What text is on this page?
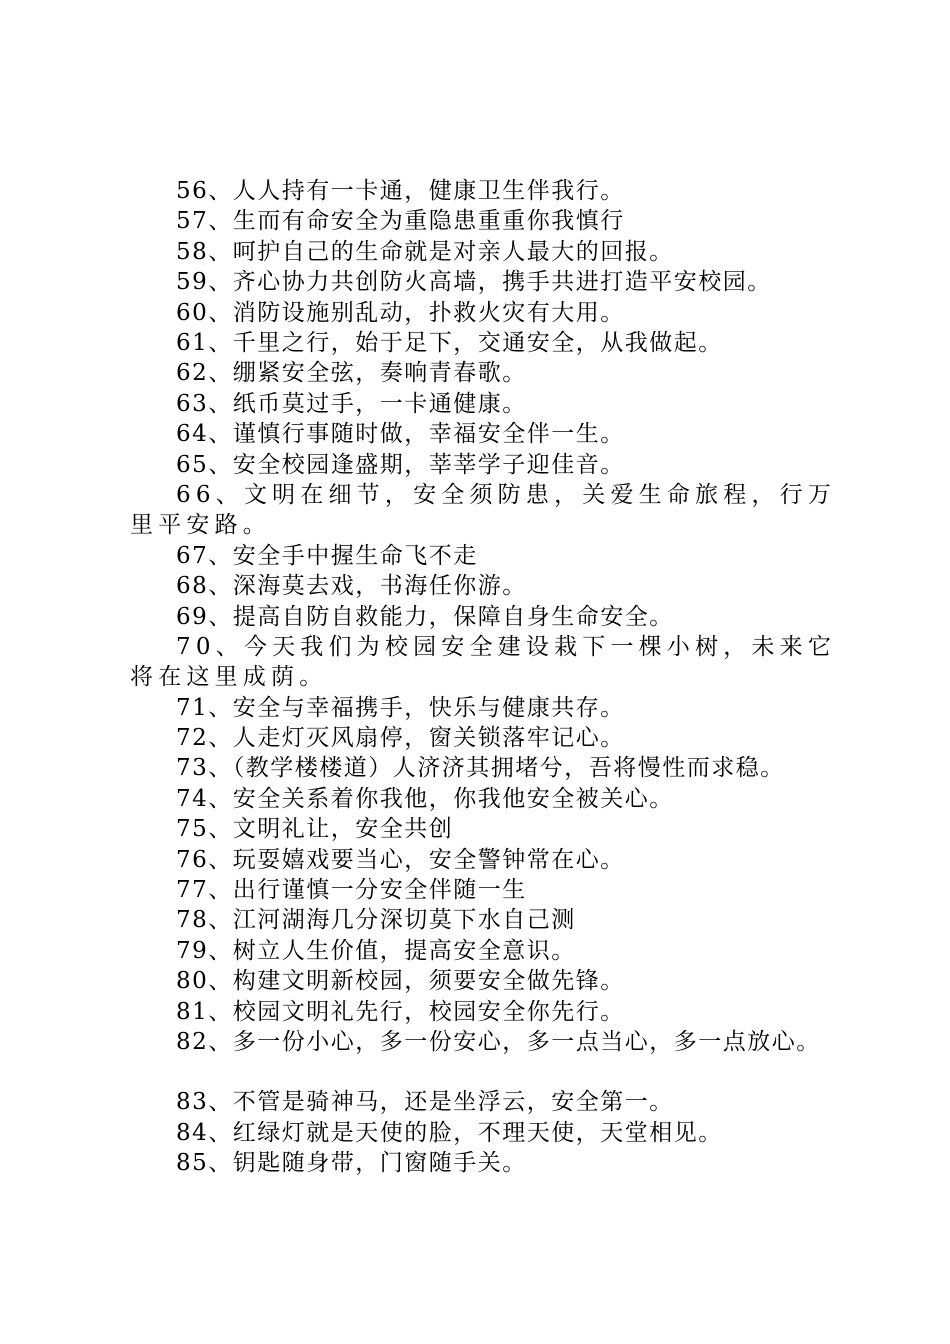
56、人人持有一卡通，健康卫生伴我行。
57、生而有命安全为重隐患重重你我慎行
58、呵护自己的生命就是对亲人最大的回报。
59、齐心协力共创防火高墙，携手共进打造平安校园。
60、消防设施别乱动，扑救火灾有大用。
61、千里之行，始于足下，交通安全，从我做起。
62、绷紧安全弦，奏响青春歌。
63、纸币莫过手，一卡通健康。
64、谨慎行事随时做，幸福安全伴一生。
65、安全校园逢盛期，莘莘学子迎佳音。
66、文明在细节，安全须防患，关爱生命旅程，行万里平安路。
67、安全手中握生命飞不走
68、深海莫去戏，书海任你游。
69、提高自防自救能力，保障自身生命安全。
70、今天我们为校园安全建设栽下一棵小树，未来它将在这里成荫。
71、安全与幸福携手，快乐与健康共存。
72、人走灯灭风扇停，窗关锁落牢记心。
73、（教学楼楼道）人济济其拥堵兮，吾将慢性而求稳。
74、安全关系着你我他，你我他安全被关心。
75、文明礼让，安全共创
76、玩耍嬉戏要当心，安全警钟常在心。
77、出行谨慎一分安全伴随一生
78、江河湖海几分深切莫下水自己测
79、树立人生价值，提高安全意识。
80、构建文明新校园，须要安全做先锋。
81、校园文明礼先行，校园安全你先行。
82、多一份小心，多一份安心，多一点当心，多一点放心。
83、不管是骑神马，还是坐浮云，安全第一。
84、红绿灯就是天使的脸，不理天使，天堂相见。
85、钥匙随身带，门窗随手关。
